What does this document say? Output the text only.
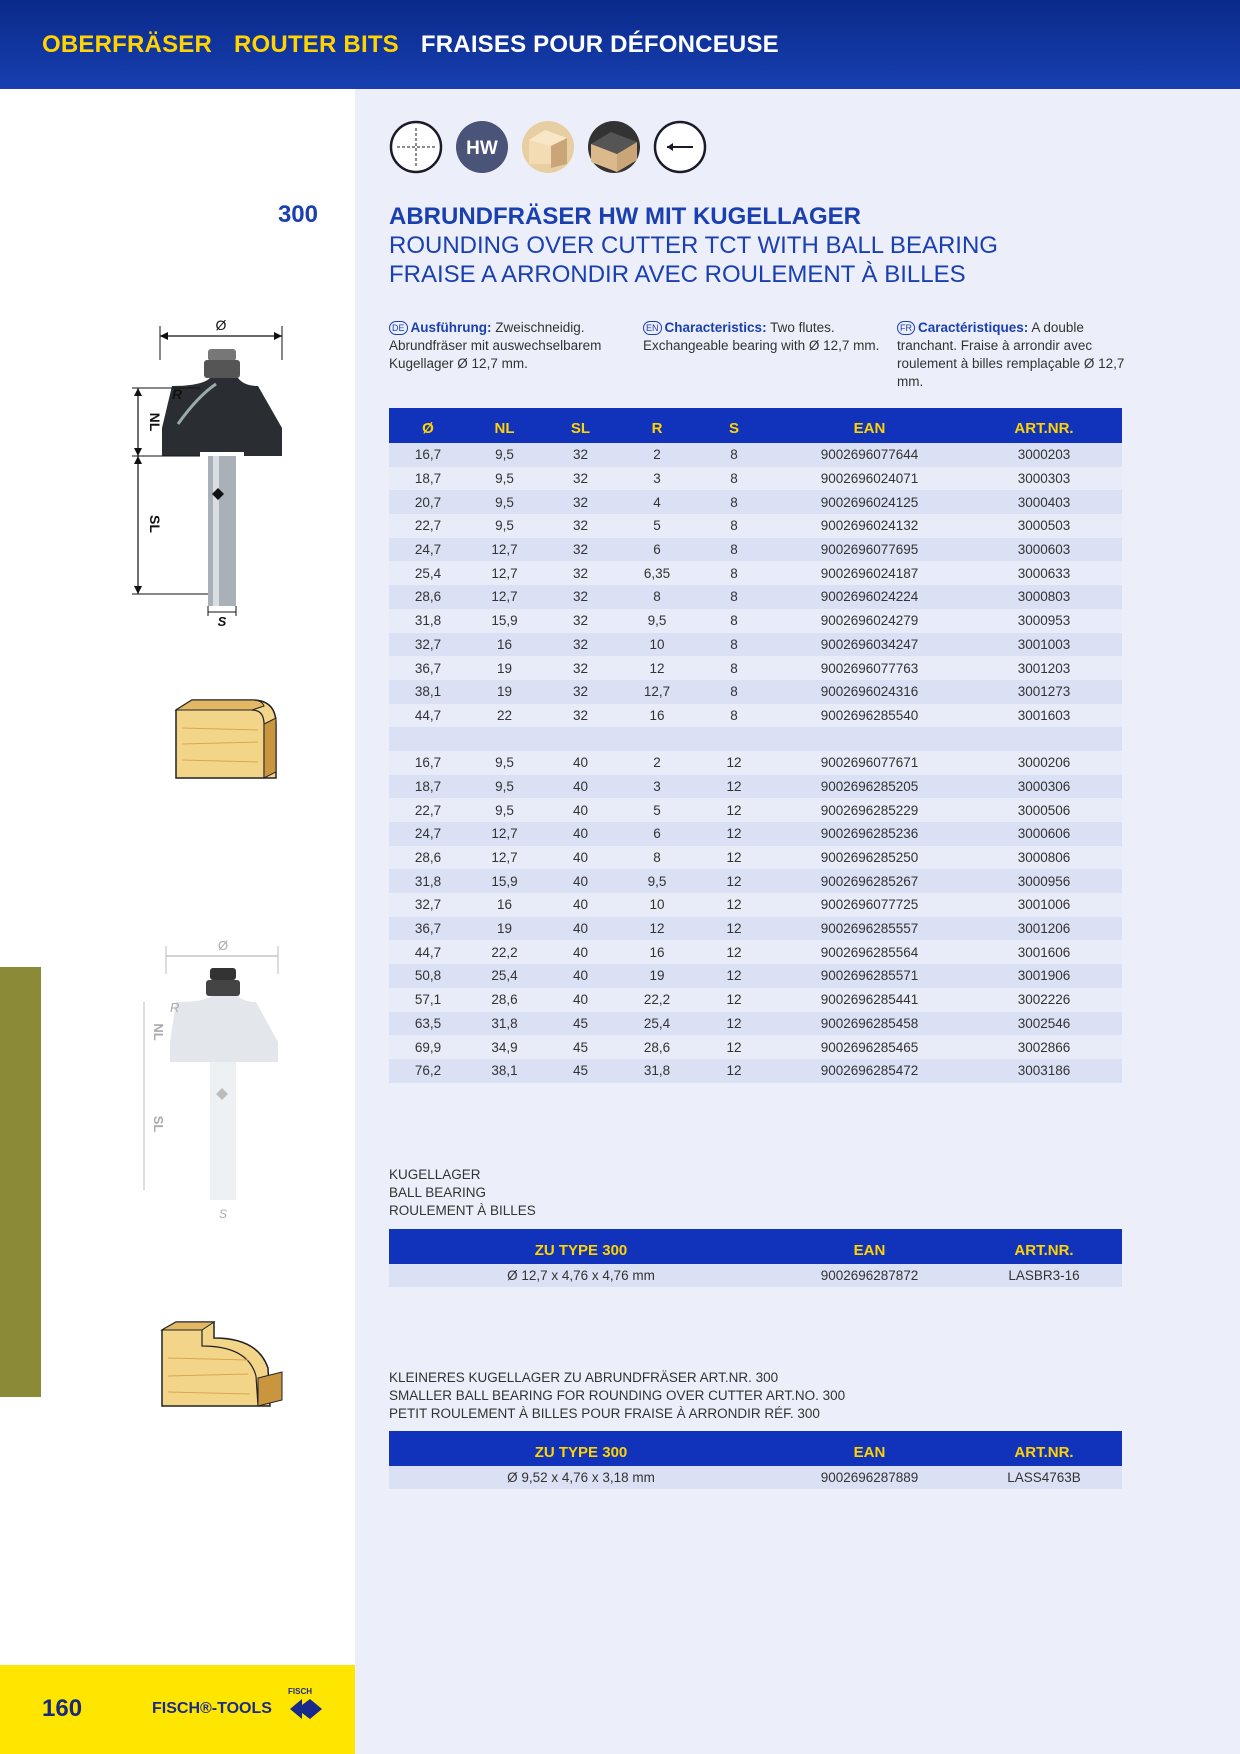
OBERFRÄSER ROUTER BITS FRAISES POUR DÉFONCEUSE
HW
300	ABRUNDFRÄSER HW MIT KUGELLAGER
ROUNDING OVER CUTTER TCT WITH BALL BEARING
FRAISE A ARRONDIR AVEC ROULEMENT À BILLES
DE Ausführung: Zweischneidig. Abrundfräser mit auswechselbarem Kugellager Ø 12,7 mm.
EN Characteristics: Two flutes. Exchangeable bearing with Ø 12,7 mm.
FR Caractéristiques: A double tranchant. Fraise à arrondir avec roulement à billes remplaçable Ø 12,7 mm.
Ø	NL	SL	R	S	EAN	ART.NR.
16,7	9,5	32	2	8	9002696077644	3000203
18,7	9,5	32	3	8	9002696024071	3000303
20,7	9,5	32	4	8	9002696024125	3000403
22,7	9,5	32	5	8	9002696024132	3000503
24,7	12,7	32	6	8	9002696077695	3000603
25,4	12,7	32	6,35	8	9002696024187	3000633
28,6	12,7	32	8	8	9002696024224	3000803
31,8	15,9	32	9,5	8	9002696024279	3000953
32,7	16	32	10	8	9002696034247	3001003
36,7	19	32	12	8	9002696077763	3001203
38,1	19	32	12,7	8	9002696024316	3001273
44,7	22	32	16	8	9002696285540	3001603

16,7	9,5	40	2	12	9002696077671	3000206
18,7	9,5	40	3	12	9002696285205	3000306
22,7	9,5	40	5	12	9002696285229	3000506
24,7	12,7	40	6	12	9002696285236	3000606
28,6	12,7	40	8	12	9002696285250	3000806
31,8	15,9	40	9,5	12	9002696285267	3000956
32,7	16	40	10	12	9002696077725	3001006
36,7	19	40	12	12	9002696285557	3001206
44,7	22,2	40	16	12	9002696285564	3001606
50,8	25,4	40	19	12	9002696285571	3001906
57,1	28,6	40	22,2	12	9002696285441	3002226
63,5	31,8	45	25,4	12	9002696285458	3002546
69,9	34,9	45	28,6	12	9002696285465	3002866
76,2	38,1	45	31,8	12	9002696285472	3003186
KUGELLAGER
BALL BEARING
ROULEMENT À BILLES
ZU TYPE 300	EAN	ART.NR.
Ø 12,7 x 4,76 x 4,76 mm	9002696287872	LASBR3-16
KLEINERES KUGELLAGER ZU ABRUNDFRÄSER ART.NR. 300
SMALLER BALL BEARING FOR ROUNDING OVER CUTTER ART.NO. 300
PETIT ROULEMENT À BILLES POUR FRAISE À ARRONDIR RÉF. 300
ZU TYPE 300	EAN	ART.NR.
Ø 9,52 x 4,76 x 3,18 mm	9002696287889	LASS4763B
Ø
NL
SL
R
S
Ø
NL
SL
R
S
160	FISCH®-TOOLS
FISCH
